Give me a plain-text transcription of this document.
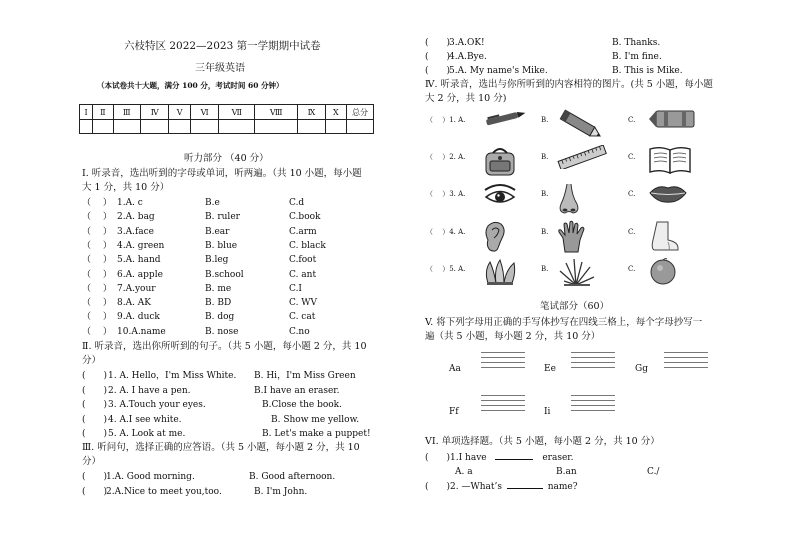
六枝特区 2022—2023 第一学期期中试卷
三年级英语
（本试卷共十大题，满分 100 分，考试时间 60 分钟）
Ⅰ	Ⅱ	Ⅲ	Ⅳ	Ⅴ	Ⅵ	Ⅶ	Ⅷ	Ⅸ	Ⅹ	总分

听力部分 （40 分）
Ⅰ. 听录音，选出听到的字母或单词，听两遍。（共 10 小题，每小题
大 1 分，共 10 分）
（　 ） 1.A. c	B.e	C.d
（　 ） 2.A. bag	B. ruler	C.book
（　 ） 3.A.face	B.ear	C.arm
（　 ） 4.A. green	B. blue	C. black
（　 ） 5.A. hand	B.leg	C.foot
（　 ） 6.A. apple	B.school	C. ant
（　 ） 7.A.your	B. me	C.I
（　 ） 8.A. AK	B. BD	C. WV
（　 ） 9.A. duck	B. dog	C. cat
（　 ） 10.A.name	B. nose	C.no
Ⅱ. 听录音，选出你所听到的句子。（共 5 小题，每小题 2 分，共 10
分）
(　　) 1. A. Hello，I'm Miss White. B. Hi，I'm Miss Green
(　　) 2. A. I have a pen.	B.I have an eraser.
(　　) 3. A.Touch your eyes.	B.Close the book.
(　　) 4. A.I see white.	B. Show me yellow.
(　　) 5. A. Look at me.	B. Let's make a puppet!
Ⅲ. 听问句，选择正确的应答语。（共 5 小题，每小题 2 分，共 10
分）
(　　)
1.A. Good morning.	B. Good afternoon.
(　　)
2.A.Nice to meet you,too.	B. I'm John.
(　　)
3.A.OK!	B. Thanks.
(　　)
4.A.Bye.	B. I'm fine.
(　　)
5.A. My name's Mike.	B. This is Mike.
Ⅳ. 听录音，选出与你所听到的内容相符的图片。(共 5 小题，每小题
大 2 分，共 10 分)
（　 ）1. A.	B.	C.
（　 ）2. A.	B.	C.
（　 ）3. A.	B.	C.
（　 ）4. A.	B.	C.
（　 ）5. A.	B.	C.
笔试部分（60）
V. 将下列字母用正确的手写体抄写在四线三格上，每个字母抄写一
遍（共 5 小题，每小题 2 分，共 10 分）
Aa	Ee	Gg
Ff	Ii
VI. 单项选择题。（共 5 小题，每小题 2 分，共 10 分）
(　　)1.I have	eraser.
A. a	B.an	C./
(　　)2. —What’s	name?
